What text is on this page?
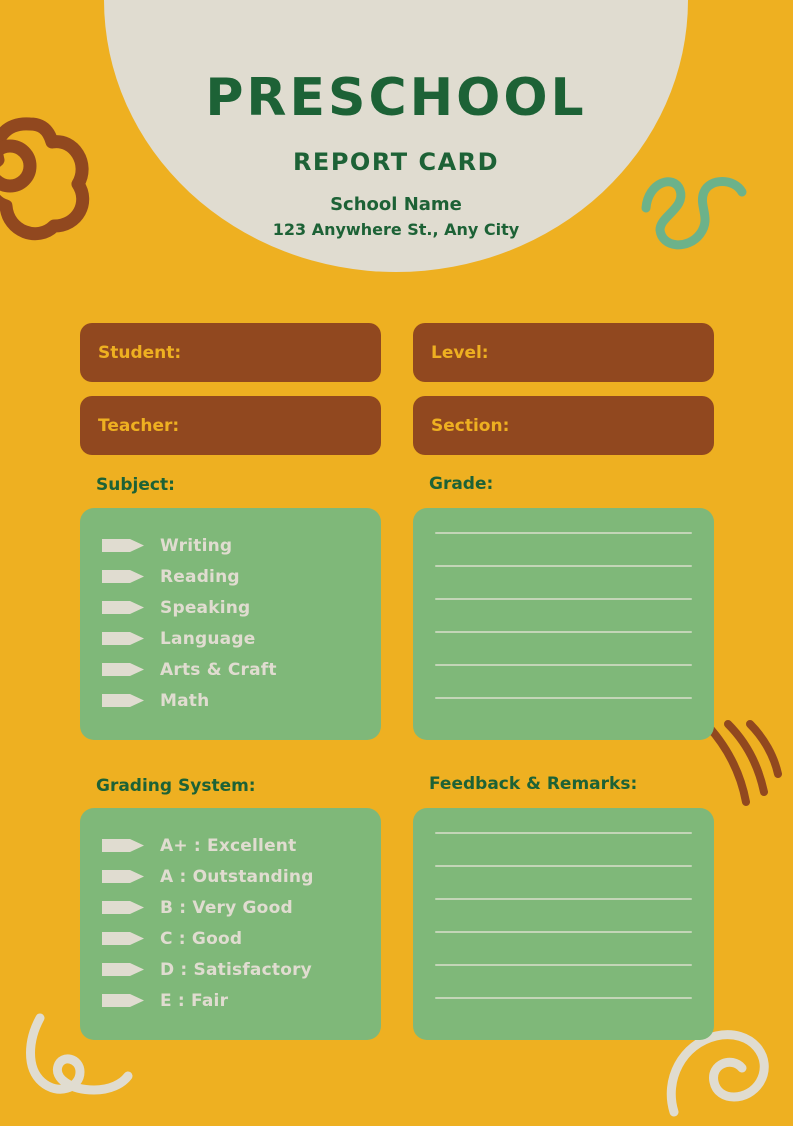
PRESCHOOL
REPORT CARD
School Name
123 Anywhere St., Any City
Student:	Level:
Teacher:	Section:
Subject:
Writing
Reading
Speaking
Language
Arts & Craft
Math
Grade:
Grading System:
A+ : Excellent
A : Outstanding
B : Very Good
C : Good
D : Satisfactory
E : Fair
Feedback & Remarks:
